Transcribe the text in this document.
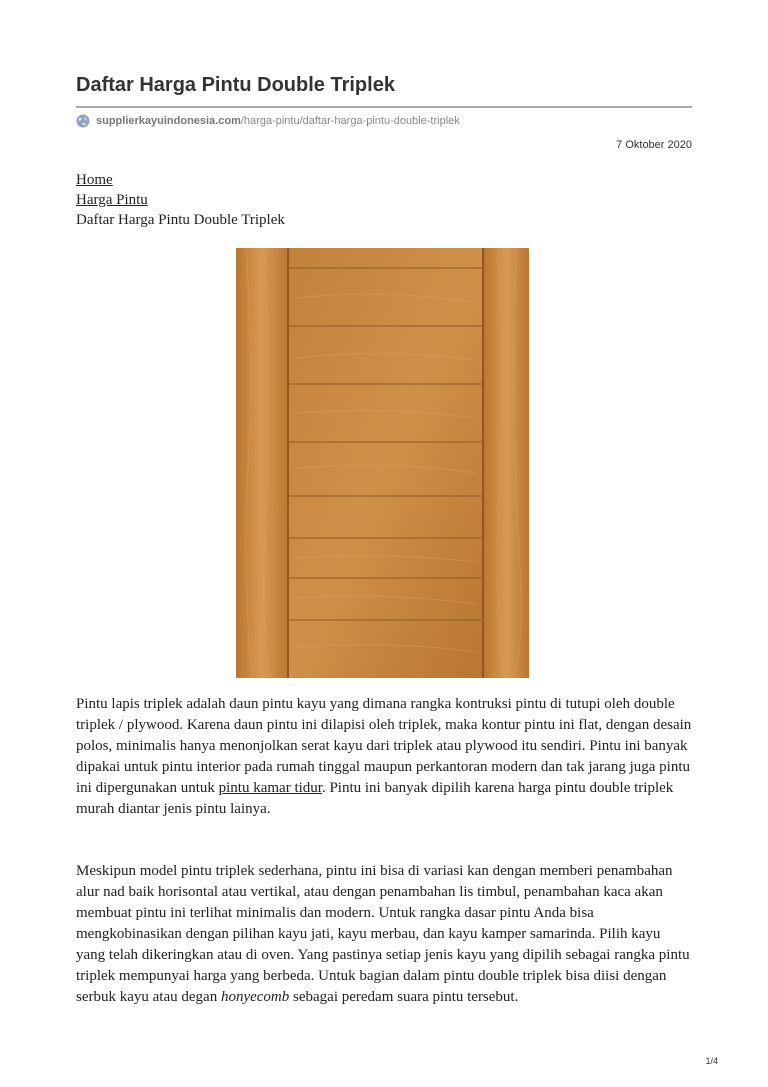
Daftar Harga Pintu Double Triplek
supplierkayuindonesia.com /harga-pintu/daftar-harga-pintu-double-triplek
7 Oktober 2020
Home
Harga Pintu
Daftar Harga Pintu Double Triplek

Pintu lapis triplek adalah daun pintu kayu yang dimana rangka kontruksi pintu di tutupi oleh double triplek / plywood. Karena daun pintu ini dilapisi oleh triplek, maka kontur pintu ini flat, dengan desain polos, minimalis hanya menonjolkan serat kayu dari triplek atau plywood itu sendiri. Pintu ini banyak dipakai untuk pintu interior pada rumah tinggal maupun perkantoran modern dan tak jarang juga pintu ini dipergunakan untuk pintu kamar tidur. Pintu ini banyak dipilih karena harga pintu double triplek murah diantar jenis pintu lainya.

Meskipun model pintu triplek sederhana, pintu ini bisa di variasi kan dengan memberi penambahan alur nad baik horisontal atau vertikal, atau dengan penambahan lis timbul, penambahan kaca akan membuat pintu ini terlihat minimalis dan modern. Untuk rangka dasar pintu Anda bisa mengkobinasikan dengan pilihan kayu jati, kayu merbau, dan kayu kamper samarinda. Pilih kayu yang telah dikeringkan atau di oven. Yang pastinya setiap jenis kayu yang dipilih sebagai rangka pintu triplek mempunyai harga yang berbeda. Untuk bagian dalam pintu double triplek bisa diisi dengan serbuk kayu atau degan honyecomb sebagai peredam suara pintu tersebut.

1/4
